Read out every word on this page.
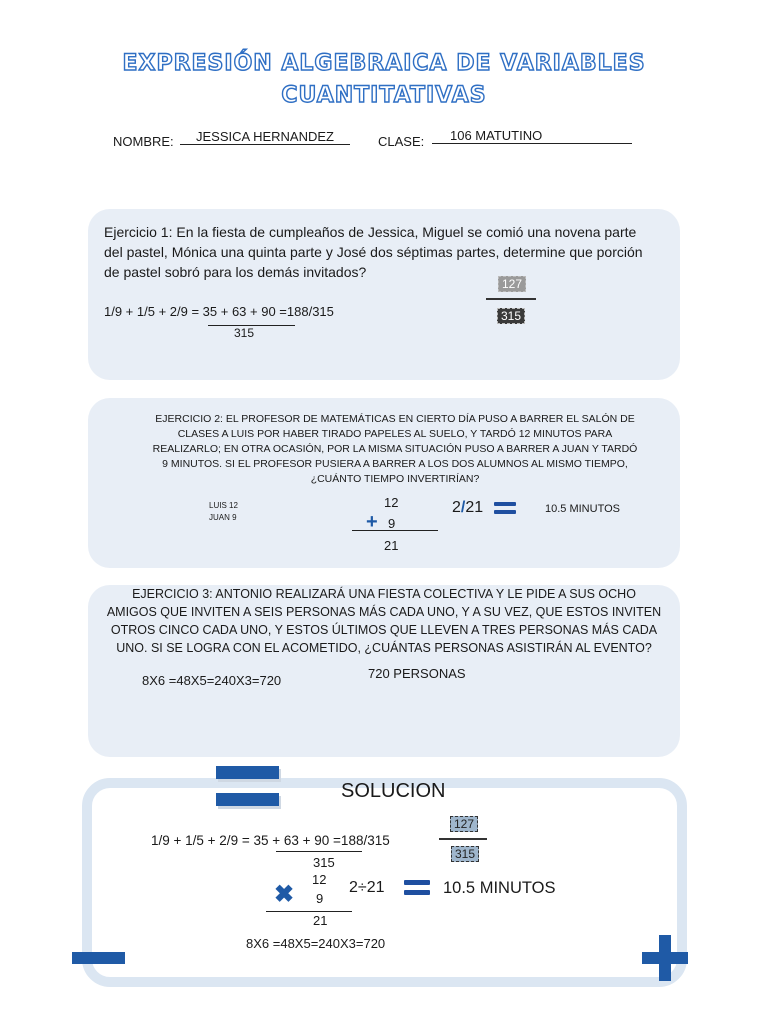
EXPRESIÓN ALGEBRAICA DE VARIABLES
CUANTITATIVAS
NOMBRE:	JESSICA HERNANDEZ	CLASE:	106 MATUTINO
Ejercicio 1: En la fiesta de cumpleaños de Jessica, Miguel se comió una novena parte del pastel, Mónica una quinta parte y José dos séptimas partes, determine que porción de pastel sobró para los demás invitados?
1/9 + 1/5 + 2/9 = 35 + 63 + 90 =188/315
315
127
315
EJERCICIO 2: EL PROFESOR DE MATEMÁTICAS EN CIERTO DÍA PUSO A BARRER EL SALÓN DE CLASES A LUIS POR HABER TIRADO PAPELES AL SUELO, Y TARDÓ 12 MINUTOS PARA REALIZARLO; EN OTRA OCASIÓN, POR LA MISMA SITUACIÓN PUSO A BARRER A JUAN Y TARDÓ 9 MINUTOS. SI EL PROFESOR PUSIERA A BARRER A LOS DOS ALUMNOS AL MISMO TIEMPO, ¿CUÁNTO TIEMPO INVERTIRÍAN?
LUIS 12
JUAN 9
12
+ 9
21
2/21	10.5 MINUTOS
EJERCICIO 3: ANTONIO REALIZARÁ UNA FIESTA COLECTIVA Y LE PIDE A SUS OCHO AMIGOS QUE INVITEN A SEIS PERSONAS MÁS CADA UNO, Y A SU VEZ, QUE ESTOS INVITEN OTROS CINCO CADA UNO, Y ESTOS ÚLTIMOS QUE LLEVEN A TRES PERSONAS MÁS CADA UNO. SI SE LOGRA CON EL ACOMETIDO, ¿CUÁNTAS PERSONAS ASISTIRÁN AL EVENTO?
8X6 =48X5=240X3=720	720 PERSONAS
SOLUCION
1/9 + 1/5 + 2/9 = 35 + 63 + 90 =188/315
315
127
315
12
✖ 9
21
2÷21	10.5 MINUTOS
8X6 =48X5=240X3=720
